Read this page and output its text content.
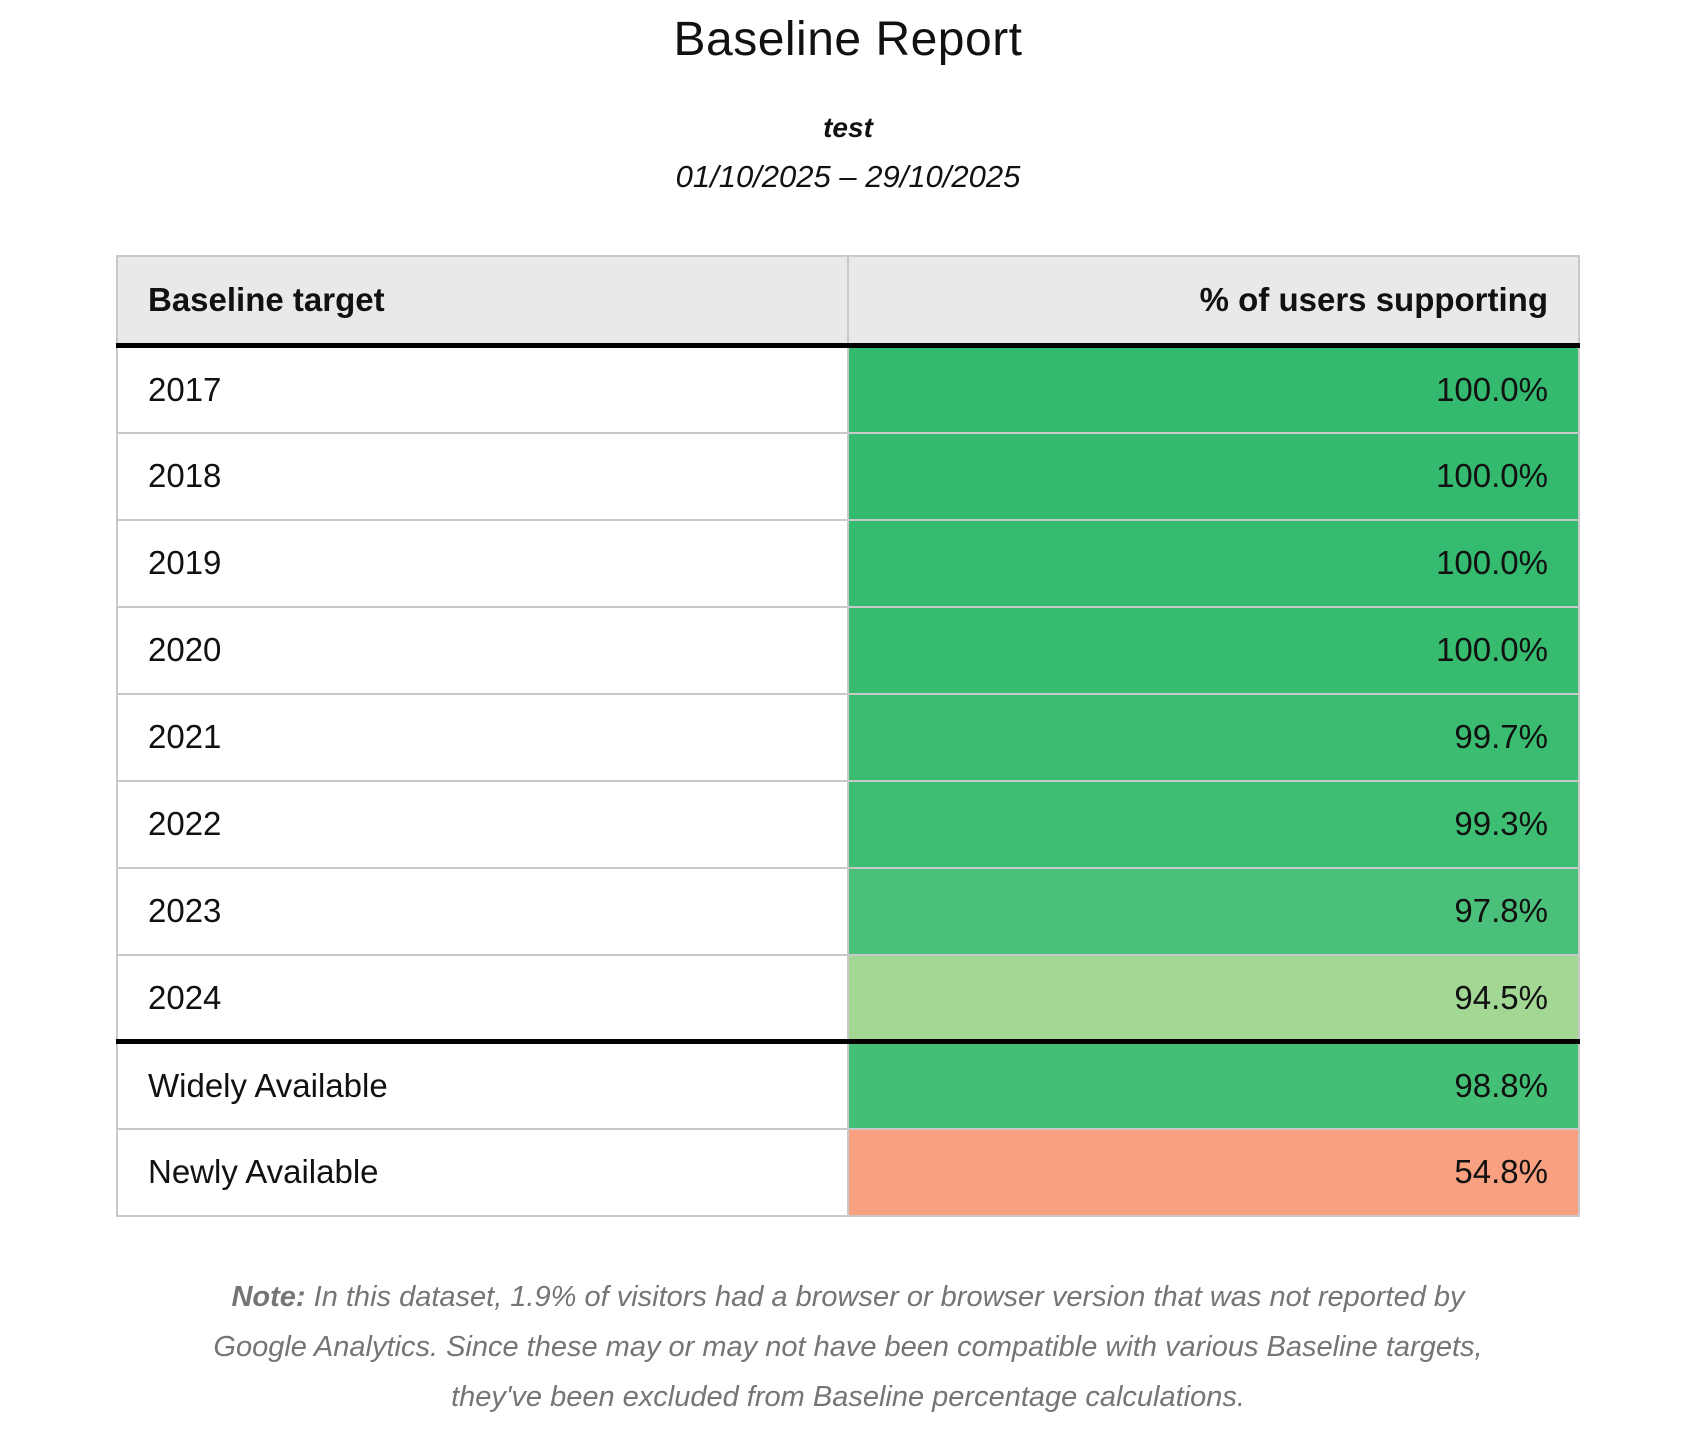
Baseline Report

test

01/10/2025 – 29/10/2025

Baseline target	% of users supporting
2017	100.0%
2018	100.0%
2019	100.0%
2020	100.0%
2021	99.7%
2022	99.3%
2023	97.8%
2024	94.5%
Widely Available	98.8%
Newly Available	54.8%

Note: In this dataset, 1.9% of visitors had a browser or browser version that was not reported by Google Analytics. Since these may or may not have been compatible with various Baseline targets, they've been excluded from Baseline percentage calculations.
